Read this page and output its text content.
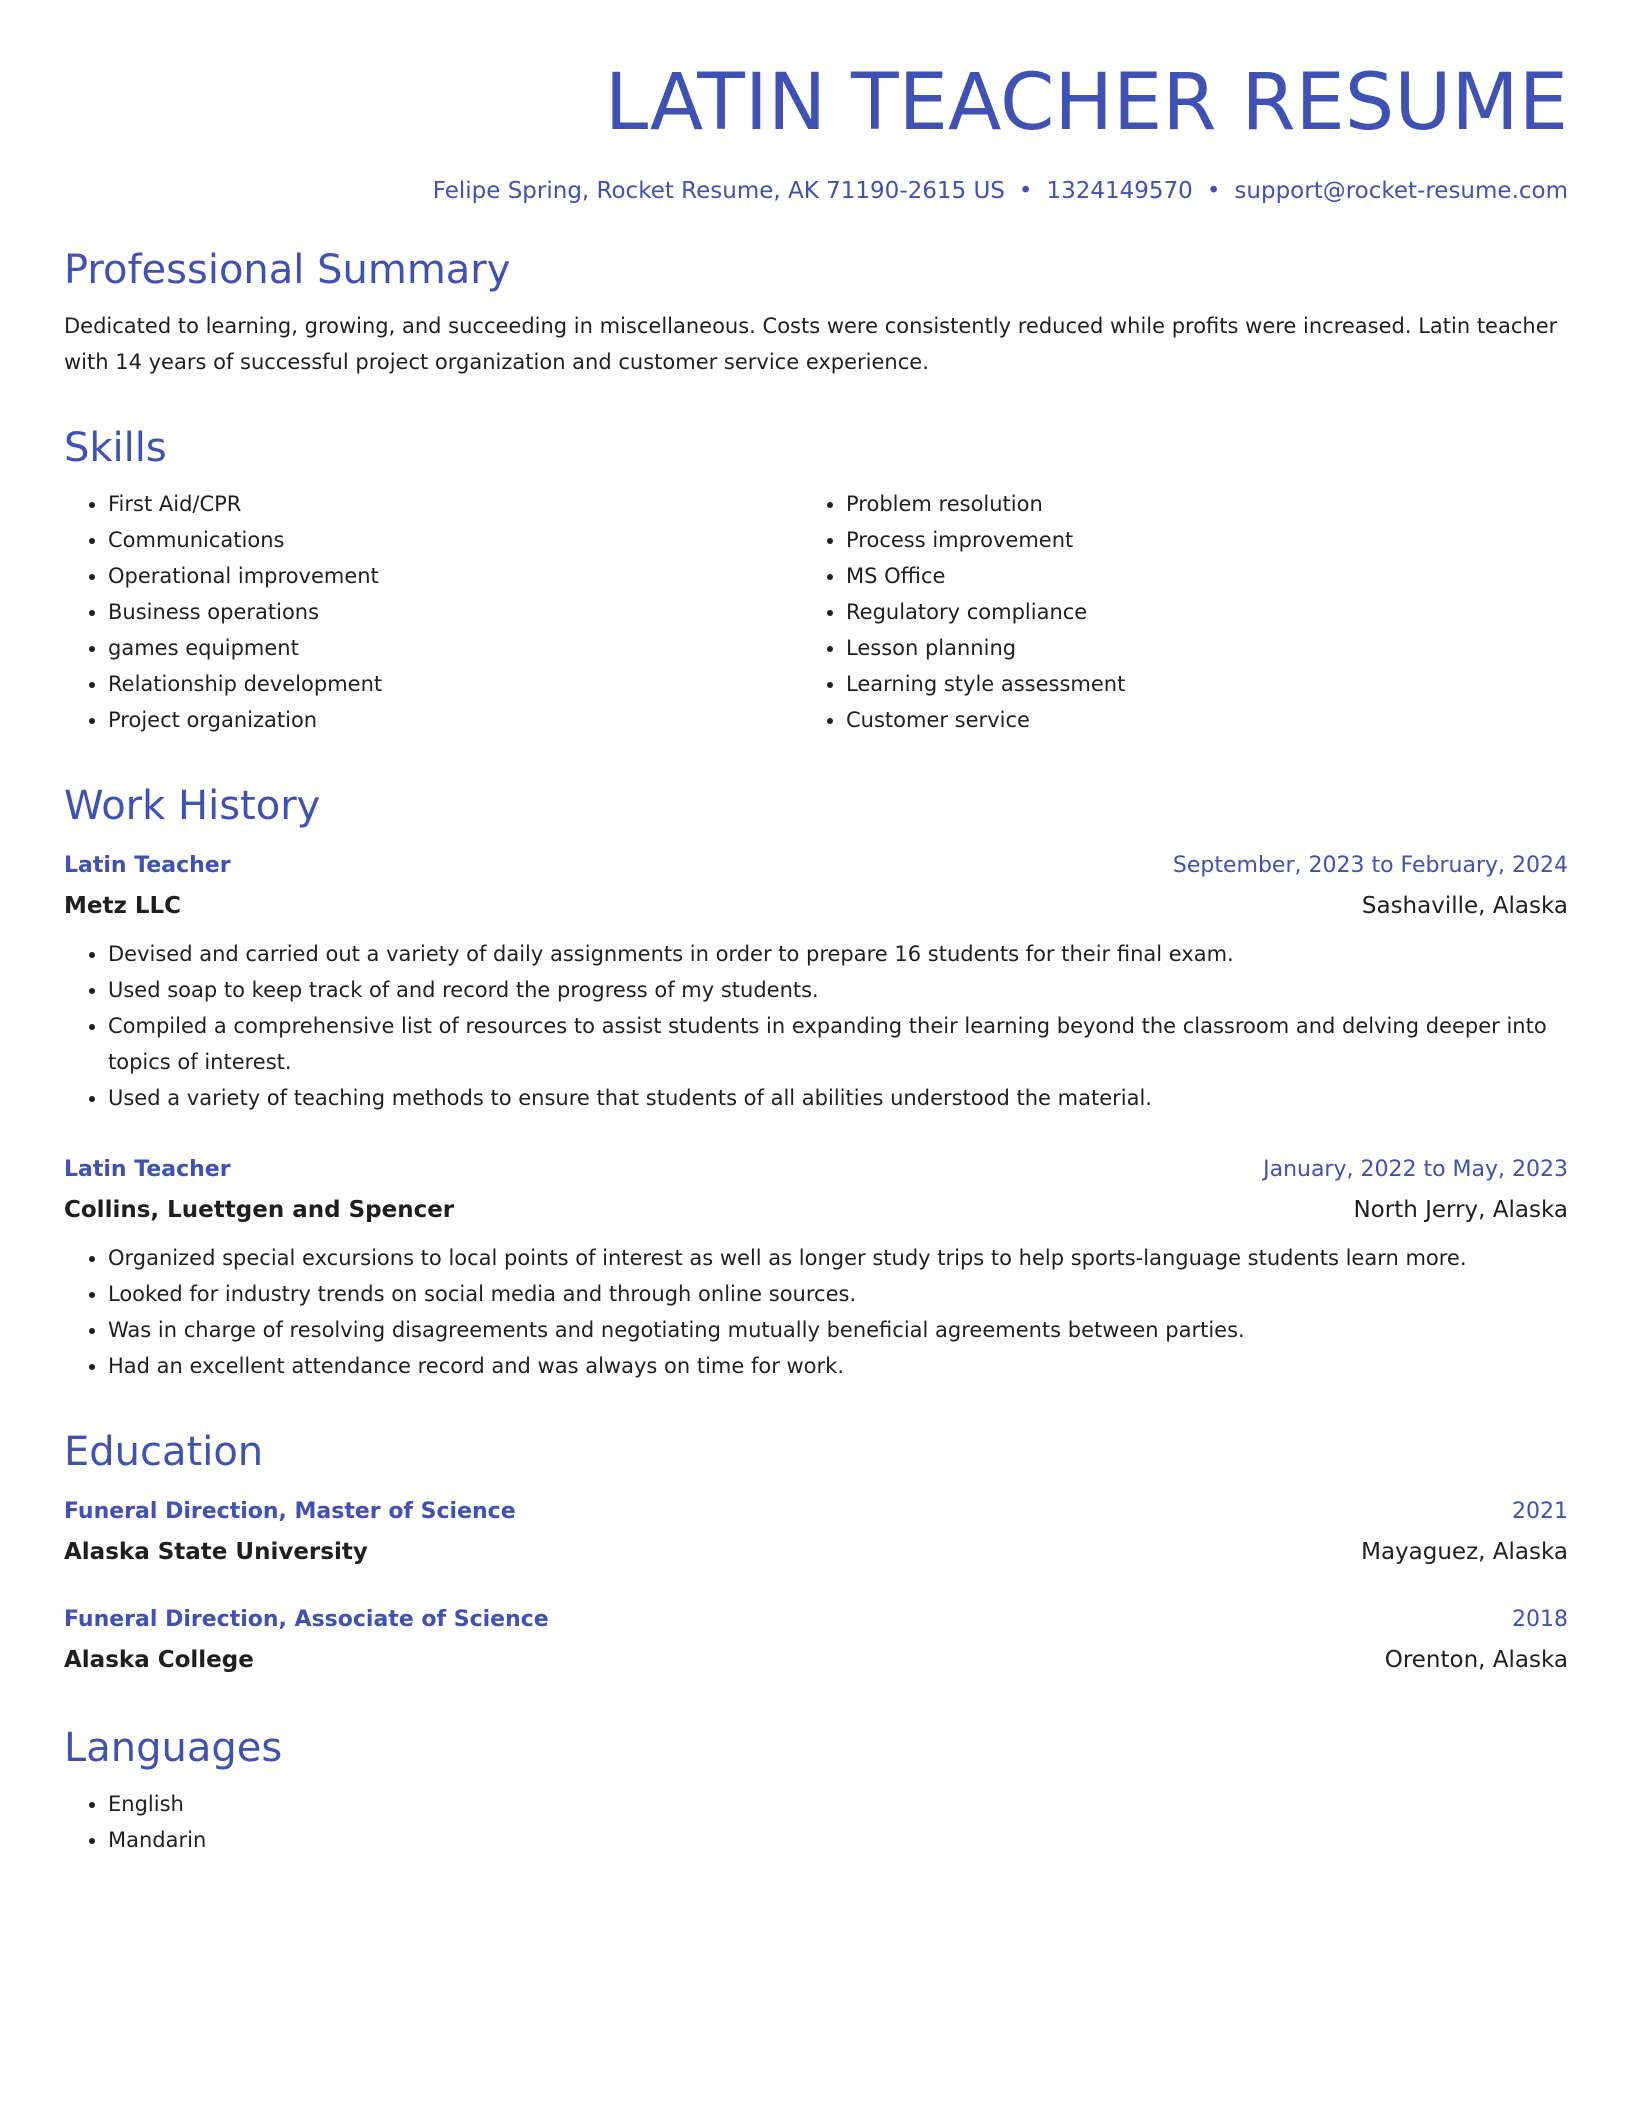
LATIN TEACHER RESUME
Felipe Spring, Rocket Resume, AK 71190-2615 US • 1324149570 • support@rocket-resume.com
Professional Summary

Dedicated to learning, growing, and succeeding in miscellaneous. Costs were consistently reduced while profits were increased. Latin teacher with 14 years of successful project organization and customer service experience.

Skills
• First Aid/CPR
• Communications
• Operational improvement
• Business operations
• games equipment
• Relationship development
• Project organization
• Problem resolution
• Process improvement
• MS Office
• Regulatory compliance
• Lesson planning
• Learning style assessment
• Customer service
Work History
Latin Teacher	September, 2023 to February, 2024
Metz LLC	Sashaville, Alaska
• Devised and carried out a variety of daily assignments in order to prepare 16 students for their final exam.
• Used soap to keep track of and record the progress of my students.
• Compiled a comprehensive list of resources to assist students in expanding their learning beyond the classroom and delving deeper into topics of interest.
• Used a variety of teaching methods to ensure that students of all abilities understood the material.
Latin Teacher	January, 2022 to May, 2023
Collins, Luettgen and Spencer	North Jerry, Alaska
• Organized special excursions to local points of interest as well as longer study trips to help sports-language students learn more.
• Looked for industry trends on social media and through online sources.
• Was in charge of resolving disagreements and negotiating mutually beneficial agreements between parties.
• Had an excellent attendance record and was always on time for work.
Education
Funeral Direction, Master of Science	2021
Alaska State University	Mayaguez, Alaska
Funeral Direction, Associate of Science	2018
Alaska College	Orenton, Alaska
Languages
• English
• Mandarin
